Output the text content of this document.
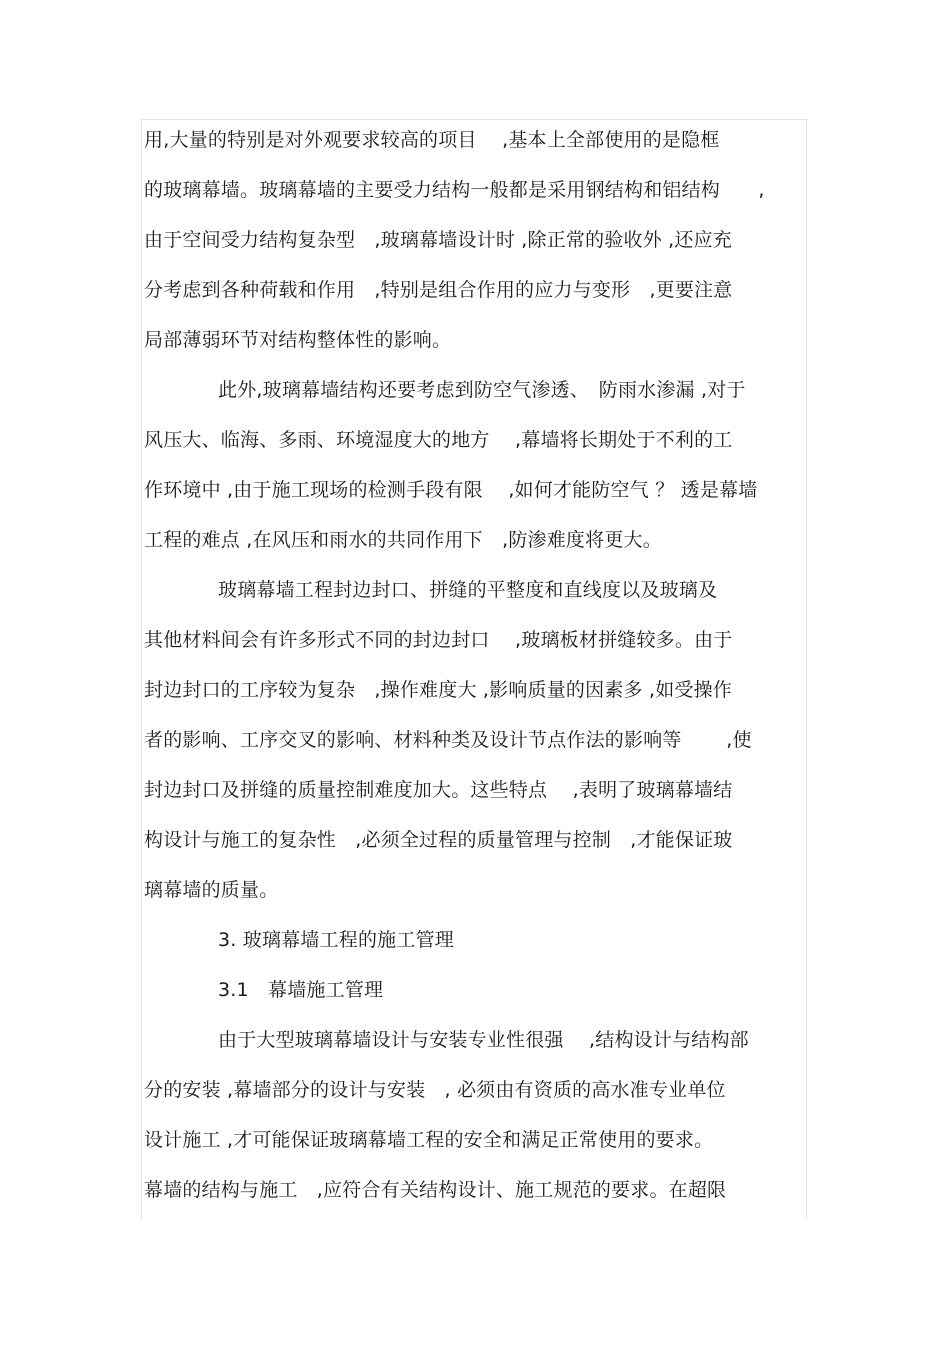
用,大量的特别是对外观要求较高的项目　 ,基本上全部使用的是隐框
的玻璃幕墙。玻璃幕墙的主要受力结构一般都是采用钢结构和铝结构　　,
由于空间受力结构复杂型　,玻璃幕墙设计时 ,除正常的验收外 ,还应充
分考虑到各种荷载和作用　,特别是组合作用的应力与变形　,更要注意
局部薄弱环节对结构整体性的影响。
此外,玻璃幕墙结构还要考虑到防空气渗透、　防雨水渗漏 ,对于
风压大、临海、多雨、环境湿度大的地方　 ,幕墙将长期处于不利的工
作环境中 ,由于施工现场的检测手段有限　 ,如何才能防空气 ？ 透是幕墙
工程的难点 ,在风压和雨水的共同作用下　,防渗难度将更大。
玻璃幕墙工程封边封口、拼缝的平整度和直线度以及玻璃及
其他材料间会有许多形式不同的封边封口　 ,玻璃板材拼缝较多。由于
封边封口的工序较为复杂　,操作难度大 ,影响质量的因素多 ,如受操作
者的影响、工序交叉的影响、材料种类及设计节点作法的影响等　　 ,使
封边封口及拼缝的质量控制难度加大。这些特点　 ,表明了玻璃幕墙结
构设计与施工的复杂性　,必须全过程的质量管理与控制　,才能保证玻
璃幕墙的质量。
3. 玻璃幕墙工程的施工管理
3.1　幕墙施工管理
由于大型玻璃幕墙设计与安装专业性很强　 ,结构设计与结构部
分的安装 ,幕墙部分的设计与安装　, 必须由有资质的高水准专业单位
设计施工 ,才可能保证玻璃幕墙工程的安全和满足正常使用的要求。
幕墙的结构与施工　,应符合有关结构设计、施工规范的要求。在超限
